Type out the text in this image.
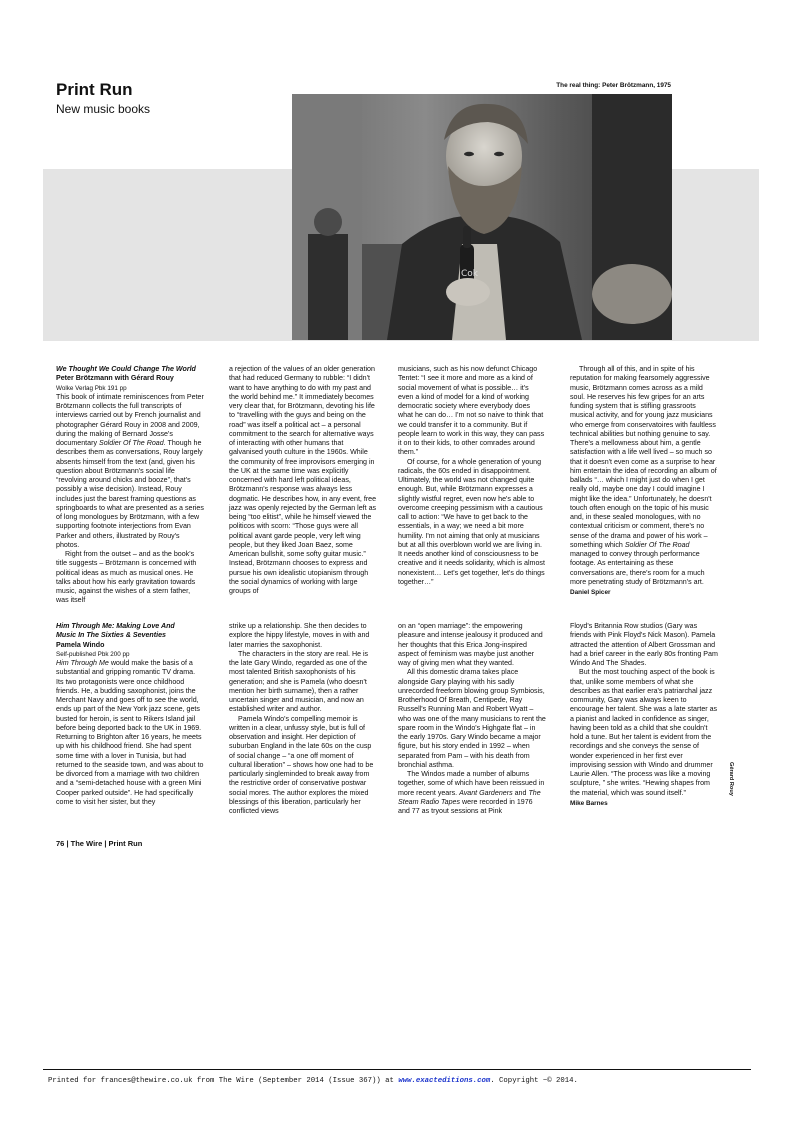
Print Run

New music books

The real thing: Peter Brötzmann, 1975
Cok

We Thought We Could Change The World

Peter Brötzmann with Gérard Rouy

Wolke Verlag Pbk 191 pp

This book of intimate reminiscences from Peter Brötzmann collects the full transcripts of interviews carried out by French journalist and photographer Gérard Rouy in 2008 and 2009, during the making of Bernard Josse's documentary Soldier Of The Road. Though he describes them as conversations, Rouy largely absents himself from the text (and, given his question about Brötzmann's social life “revolving around chicks and booze”, that's possibly a wise decision). Instead, Rouy includes just the barest framing questions as springboards to what are presented as a series of long monologues by Brötzmann, with a few supporting footnote interjections from Evan Parker and others, illustrated by Rouy's photos.

Right from the outset – and as the book's title suggests – Brötzmann is concerned with political ideas as much as musical ones. He talks about how his early gravitation towards music, against the wishes of a stern father, was itself

a rejection of the values of an older generation that had reduced Germany to rubble: “I didn't want to have anything to do with my past and the world behind me.” It immediately becomes very clear that, for Brötzmann, devoting his life to “travelling with the guys and being on the road” was itself a political act – a personal commitment to the search for alternative ways of interacting with other humans that galvanised youth culture in the 1960s. While the community of free improvisors emerging in the UK at the same time was explicitly concerned with hard left political ideas, Brötzmann's response was always less dogmatic. He describes how, in any event, free jazz was openly rejected by the German left as being “too elitist”, while he himself viewed the politicos with scorn: “Those guys were all political avant garde people, very left wing people, but they liked Joan Baez, some American bullshit, some softy guitar music.” Instead, Brötzmann chooses to express and pursue his own idealistic utopianism through the social dynamics of working with large groups of

musicians, such as his now defunct Chicago Tentet: “I see it more and more as a kind of social movement of what is possible… it's even a kind of model for a kind of working democratic society where everybody does what he can do… I'm not so naive to think that we could transfer it to a community. But if people learn to work in this way, they can pass it on to their kids, to other comrades around them.”

Of course, for a whole generation of young radicals, the 60s ended in disappointment. Ultimately, the world was not changed quite enough. But, while Brötzmann expresses a slightly wistful regret, even now he's able to overcome creeping pessimism with a cautious call to action: “We have to get back to the essentials, in a way; we need a bit more humility. I'm not aiming that only at musicians but at all this overblown world we are living in. It needs another kind of consciousness to be creative and it needs solidarity, which is almost nonexistent… Let's get together, let's do things together…”

Through all of this, and in spite of his reputation for making fearsomely aggressive music, Brötzmann comes across as a mild soul. He reserves his few gripes for an arts funding system that is stifling grassroots musical activity, and for young jazz musicians who emerge from conservatoires with faultless technical abilities but nothing genuine to say. There's a mellowness about him, a gentle satisfaction with a life well lived – so much so that it doesn't even come as a surprise to hear him entertain the idea of recording an album of ballads “… which I might just do when I get really old, maybe one day I could imagine I might like the idea.” Unfortunately, he doesn't touch often enough on the topic of his music and, in these sealed monologues, with no contextual criticism or comment, there's no sense of the drama and power of his work – something which Soldier Of The Road managed to convey through performance footage. As entertaining as these conversations are, there's room for a much more penetrating study of Brötzmann's art.

Daniel Spicer

Him Through Me: Making Love And
Music In The Sixties & Seventies

Pamela Windo

Self-published Pbk 200 pp

Him Through Me would make the basis of a substantial and gripping romantic TV drama. Its two protagonists were once childhood friends. He, a budding saxophonist, joins the Merchant Navy and goes off to see the world, ends up part of the New York jazz scene, gets busted for heroin, is sent to Rikers Island jail before being deported back to the UK in 1969. Returning to Brighton after 16 years, he meets up with his childhood friend. She had spent some time with a lover in Tunisia, but had returned to the seaside town, and was about to be divorced from a marriage with two children and a “semi-detached house with a green Mini Cooper parked outside”. He had specifically come to visit her sister, but they

strike up a relationship. She then decides to explore the hippy lifestyle, moves in with and later marries the saxophonist.

The characters in the story are real. He is the late Gary Windo, regarded as one of the most talented British saxophonists of his generation; and she is Pamela (who doesn't mention her birth surname), then a rather uncertain singer and musician, and now an established writer and author.

Pamela Windo's compelling memoir is written in a clear, unfussy style, but is full of observation and insight. Her depiction of suburban England in the late 60s on the cusp of social change – “a one off moment of cultural liberation” – shows how one had to be particularly singleminded to break away from the restrictive order of conservative postwar social mores. The author explores the mixed blessings of this liberation, particularly her conflicted views

on an “open marriage”: the empowering pleasure and intense jealousy it produced and her thoughts that this Erica Jong-inspired aspect of feminism was maybe just another way of giving men what they wanted.

All this domestic drama takes place alongside Gary playing with his sadly unrecorded freeform blowing group Symbiosis, Brotherhood Of Breath, Centipede, Ray Russell's Running Man and Robert Wyatt – who was one of the many musicians to rent the spare room in the Windo's Highgate flat – in the early 1970s. Gary Windo became a major figure, but his story ended in 1992 – when separated from Pam – with his death from bronchial asthma.

The Windos made a number of albums together, some of which have been reissued in more recent years. Avant Gardeners and The Steam Radio Tapes were recorded in 1976 and 77 as tryout sessions at Pink

Floyd's Britannia Row studios (Gary was friends with Pink Floyd's Nick Mason). Pamela attracted the attention of Albert Grossman and had a brief career in the early 80s fronting Pam Windo And The Shades.

But the most touching aspect of the book is that, unlike some members of what she describes as that earlier era's patriarchal jazz community, Gary was always keen to encourage her talent. She was a late starter as a pianist and lacked in confidence as singer, having been told as a child that she couldn't hold a tune. But her talent is evident from the recordings and she conveys the sense of wonder experienced in her first ever improvising session with Windo and drummer Laurie Allen. “The process was like a moving sculpture, ” she writes. “Hewing shapes from the material, which was sound itself.”

Mike Barnes

Gérard Rouy
76 | The Wire | Print Run
Printed for frances@thewire.co.uk from The Wire (September 2014 (Issue 367)) at www.exacteditions.com. Copyright ~© 2014.
